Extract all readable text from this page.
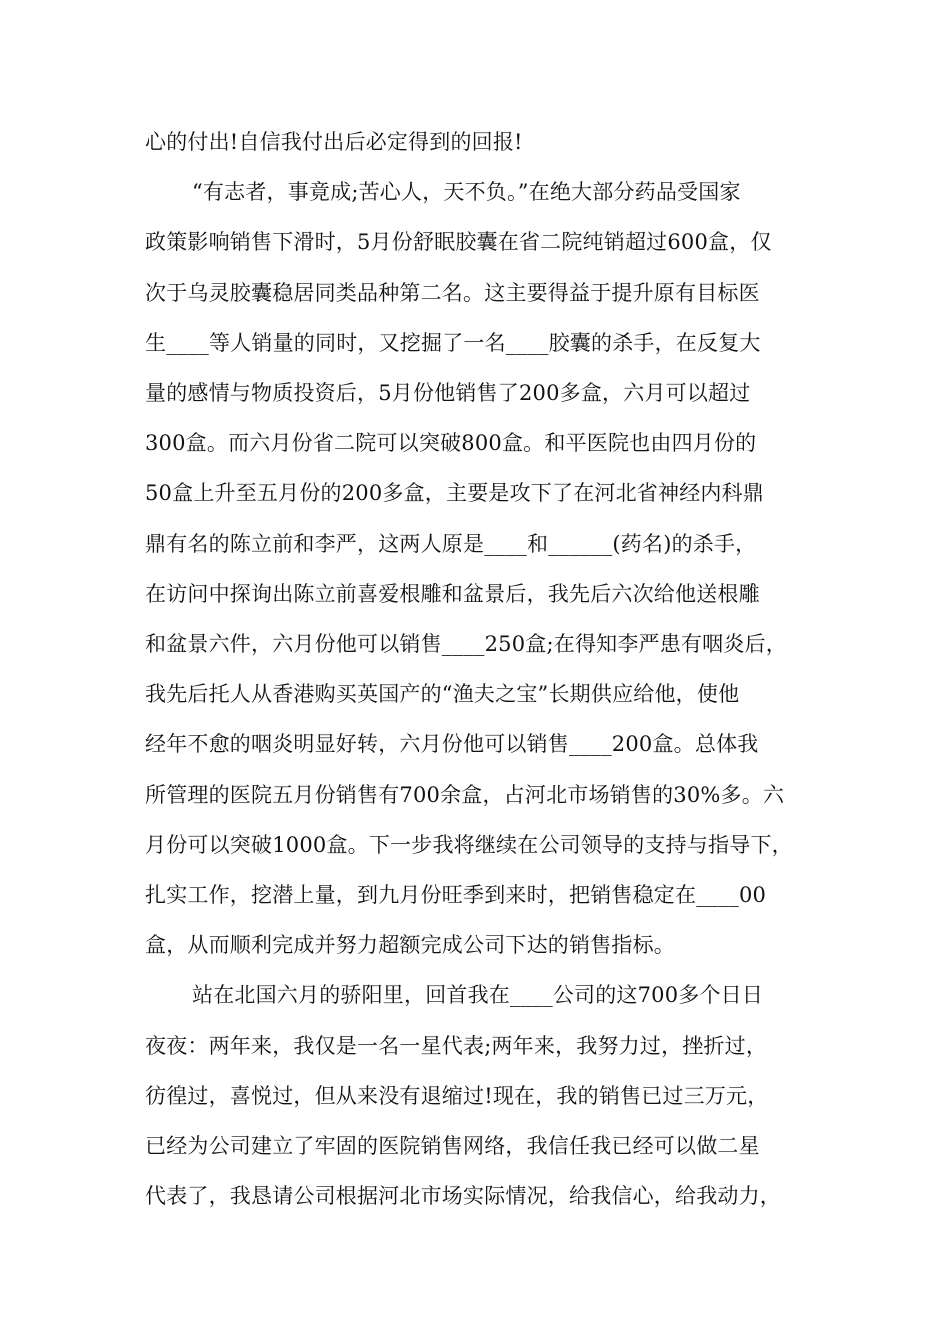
心的付出!自信我付出后必定得到的回报!
“有志者，事竟成;苦心人，天不负。”在绝大部分药品受国家
政策影响销售下滑时，5月份舒眠胶囊在省二院纯销超过600盒，仅
次于乌灵胶囊稳居同类品种第二名。这主要得益于提升原有目标医
生____等人销量的同时，又挖掘了一名____胶囊的杀手，在反复大
量的感情与物质投资后，5月份他销售了200多盒，六月可以超过
300盒。而六月份省二院可以突破800盒。和平医院也由四月份的
50盒上升至五月份的200多盒，主要是攻下了在河北省神经内科鼎
鼎有名的陈立前和李严，这两人原是____和______(药名)的杀手，
在访问中探询出陈立前喜爱根雕和盆景后，我先后六次给他送根雕
和盆景六件，六月份他可以销售____250盒;在得知李严患有咽炎后，
我先后托人从香港购买英国产的“渔夫之宝”长期供应给他，使他
经年不愈的咽炎明显好转，六月份他可以销售____200盒。总体我
所管理的医院五月份销售有700余盒，占河北市场销售的30%多。六
月份可以突破1000盒。下一步我将继续在公司领导的支持与指导下，
扎实工作，挖潜上量，到九月份旺季到来时，把销售稳定在____00
盒，从而顺利完成并努力超额完成公司下达的销售指标。
站在北国六月的骄阳里，回首我在____公司的这700多个日日
夜夜：两年来，我仅是一名一星代表;两年来，我努力过，挫折过，
彷徨过，喜悦过，但从来没有退缩过!现在，我的销售已过三万元，
已经为公司建立了牢固的医院销售网络，我信任我已经可以做二星
代表了，我恳请公司根据河北市场实际情况，给我信心，给我动力，
